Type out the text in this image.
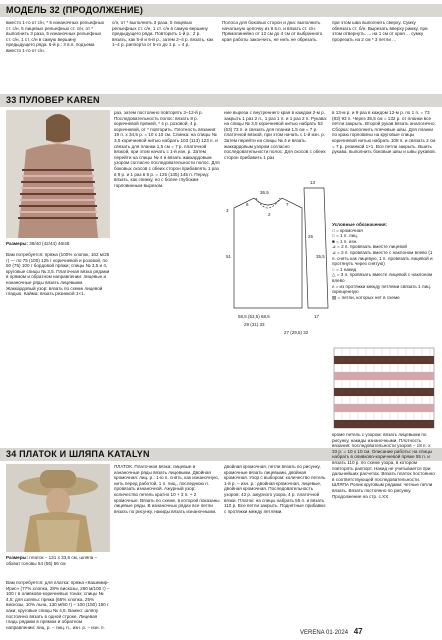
МОДЕЛЬ 32 (ПРОДОЛЖЕНИЕ)
вместо 1-го от с/н, * 5 изнаночных рельефных ст. с/н, 5 лицевых рельефных ст. с/н, от * выполнить 3 раза, 5 изнаночных рельефных ст. с/н, 1 ст. с/н в самую вершину предыдущего ряда. 6-й р.: 3 в.п. подъема вместо 1-го от с/н.
с/н, от * выполнить 3 раза, 5 лицевых рельефных ст. с/н, 1 ст. с/н в самую вершину предыдущего ряда. Повторить 1-й р.: 2 р. вязать, как 5-й и 6-й р., затем 2–4 р. вязать, как 1–4 р. раппорта от 5-го до 1 р. = 4 р.
Полоса для боковых сторон и дна: выполнить начальную цепочку из 8 в.п. и вязать ст. с/н. Прямолинейно от 12 см до 4 см от выбранного края работы закончить, не нить не обрезать.
при этом шва выполнить сверху. Сумку обвязать ст. б/н. Вырезать вверху рамку, при этом отвернуть. ... на 1 см от края ... сумку прорезать на 2 см * 3 петли ...
33 ПУЛОВЕР KAREN
Размеры: 38/40 (42/44) 46/48
Вам потребуется: пряжа (100% хлопок, 162 м/25 г) — по 75 (100) 125 г коричневой и розовой, по 50 (75) 100 г бордовой пряжи; спицы № 3,5 и 4, круговые спицы № 3,5. Платочная вязка рядами в прямом и обратном направлении: лицевые и изнаночные ряды вязать лицевыми. Жаккардовый узор: вязать по схеме лицевой гладью. Кайма: вязать резинкой 1×1.
раз, затем постоянно повторять 3–12-й р. Последовательность полос: вязать 8 р. коричневой пряжей, * 4 р. розовой, 4 р. коричневой, от * повторить. Плотность вязания: 19 п. x 34,5 р. = 10 x 10 см. Спинка: на спицы № 3,5 коричневой нитью набрать 103 (113) 123 п. и связать для планки 1,5 см = 7 р. платочной вязкой, при этом начать с 1-й изн. р. Затем перейти на спицы № 4 и вязать жаккардовым узором согласно последовательности полос. Для боковых скосов с обеих сторон прибавлять 1 раз в 9 р. и 1 раз в 8 р. = 125 (135) 145 п. Перед: вязать, как спинку, но с более глубоким горловинным вырезом.
ние выреза с внутреннего края в каждом 2-м р. закрыть 1 раз 2 п., 1 раз 1 п. и 1 раз 2 п. Рукава: на спицы № 3,5 коричневой нитью набрать 53 (63) 73 п. и связать для планки 1,5 см = 7 р. платочной вязкой, при этом начать с 1-й изн. р. Затем перейти на спицы № 4 и вязать жаккардовым узором согласно последовательности полос. Для скосов с обеих сторон прибавить 1 раз
в 13-м р. и 9 раз в каждом 12-м р. по 1 п. = 73 (83) 93 п. Через 35,5 см = 132 р. от планки все петли закрыть. Второй рукав вязать аналогично. Сборка: выполнить плечевые швы. Для планки по краю горловины на круговые спицы коричневой нитью набрать 108 п. и связать 2 см = 7 р. резинкой 1×1. Все петли закрыть. Вшить рукава, выполнить боковые швы и швы рукавов.
36,5
6	7
2
3
51
13
25
58,5 (63,5) 68,5
29 (31) 33
17
35,5
27 (29,5) 32
Условные обозначения:
□ = кромочная
□ = 1 п. лиц.
■ = 1 п. изн.
⊿ = 2 п. провязать вместе лицевой
⊿ = 2 п. провязать вместе с наклоном влево (1 п. снять как лицевую, 1 п. провязать лицевой и протянуть через снятую)
○ = 1 накид
△ = 3 п. провязать вместе лицевой с наклоном влево
ᴧ = из протяжки между петлями связать 1 лиц. скрещенную
▨ = петли, которых нет в схеме
34 ПЛАТОК И ШЛЯПА KATALYN
Размеры: платок – 131 x 33,5 см, шляпа – обхват головы 54 (56) 56 см
Вам потребуется: для платка: пряжа «Кашемир-Ирис» (77% хлопка, 28% вискозы, 260 м/100 г) – 100 г в оливково-коричневых тонах; спицы № 4,5; для шляпы: пряжа (65% хлопка, 25% вискозы, 10% льна, 130 м/50 г) – 100 (150) 150 г хаки; круговые спицы № 4,5. Важно: шляпу постоянно вязать в одной строке. Лицевая гладь рядами в прямом и обратном направлении: лиц. р. – лиц. п., изн. р. – изн. п.
ПЛАТОК. Платочная вязка: лицевые и изнаночные ряды вязать лицевыми. Двойная кромочная: лиц. р.: 1-ю п. снять, как изнаночную, нить перед работой, 1 п. лиц., последнюю п. провязать изнаночной. Ажурный узор: количество петель кратно 10 + 3 п. + 2 кромочные. Вязать по схеме, в которой показаны лицевые ряды. В изнаночных рядах все петли вязать по рисунку, накиды вязать изнаночными.
двойная кромочная, петли вязать по рисунку, кромочные вязать лицевыми, двойная кромочная. Узор с выбором: количество петель 1-й р. – изн. р.: двойная кромочная, лицевые, двойная кромочная. Последовательность узоров: 42 р. ажурного узора, 4 р. платочной вязки. Платок: на спицы набрать 55 п. и вязать 110 р. Все петли закрыть. Поднятные прибавки: с протяжки между петлями.
кроме петель с узором: вязать лицевыми по рисунку, накиды изнаночными. Плотность вязания: последовательности узоров – 18 п. x 33 р. = 10 x 10 см. Описание работы: на спицы набрать в оливково-коричневой пряже 55 п. и вязать 110 р. по схеме узора, в котором повторять раппорт. Накид не учитывается при дальнейших расчетах. Вязать платок постоянно в соответствующей последовательности. ШЛЯПА Ролик круговым рядами: четные петли вязать. Вязать постоянно по рисунку. Продолжение на стр. с.ХХ
VERENA 01·2024 47
